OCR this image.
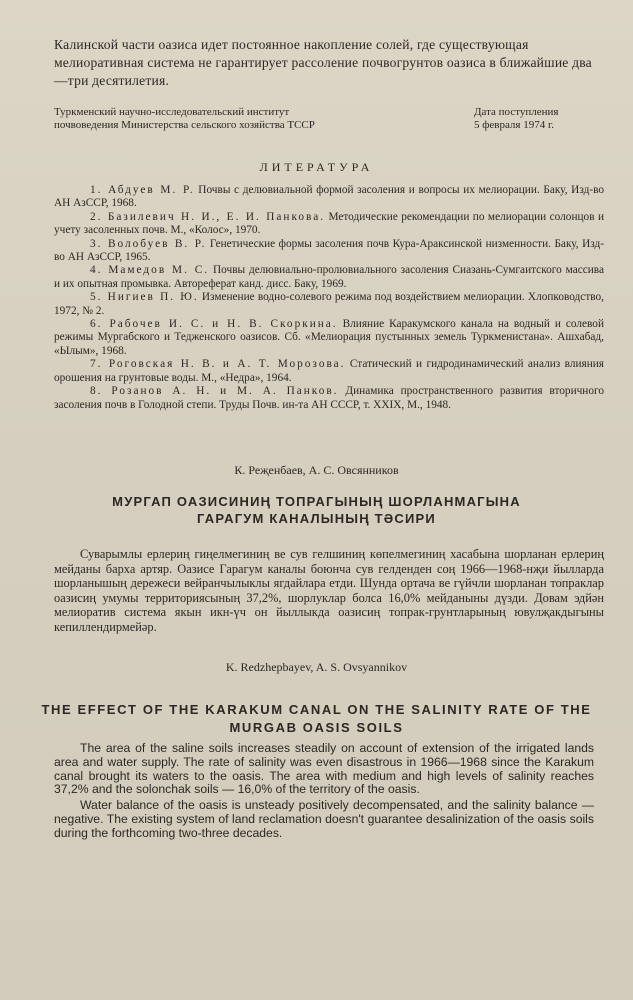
Калинской части оазиса идет постоянное накопление солей, где существующая мелиоративная система не гарантирует рассоление почвогрунтов оазиса в ближайшие два—три десятилетия.
Туркменский научно-исследовательский институт
почвоведения Министерства сельского хозяйства ТССР
Дата поступления
5 февраля 1974 г.
ЛИТЕРАТУРА

1. Абдуев М. Р. Почвы с делювиальной формой засоления и вопросы их мелиорации. Баку, Изд-во АН АзССР, 1968.

2. Базилевич Н. И., Е. И. Панкова. Методические рекомендации по мелиорации солонцов и учету засоленных почв. М., «Колос», 1970.

3. Волобуев В. Р. Генетические формы засоления почв Кура-Араксинской низменности. Баку, Изд-во АН АзССР, 1965.

4. Мамедов М. С. Почвы делювиально-пролювиального засоления Сиазань-Сумгаитского массива и их опытная промывка. Автореферат канд. дисс. Баку, 1969.

5. Нигиев П. Ю. Изменение водно-солевого режима под воздействием мелиорации. Хлопководство, 1972, № 2.

6. Рабочев И. С. и Н. В. Скоркина. Влияние Каракумского канала на водный и солевой режимы Мургабского и Тедженского оазисов. Сб. «Мелиорация пустынных земель Туркменистана». Ашхабад, «Ылым», 1968.

7. Роговская Н. В. и А. Т. Морозова. Статический и гидродинамический анализ влияния орошения на грунтовые воды. М., «Недра», 1964.

8. Розанов А. Н. и М. А. Панков. Динамика пространственного развития вторичного засоления почв в Голодной степи. Труды Почв. ин-та АН СССР, т. XXIX, М., 1948.

К. Реҗенбаев, А. С. Овсянников
МУРГАП ОАЗИСИНИҢ ТОПРАГЫНЫҢ ШОРЛАНМАГЫНА
ГАРАГУМ КАНАЛЫНЫҢ ТӘСИРИ

Суварымлы ерлериң гиңелмегиниң ве сув гелшиниң көпелмегиниң хасабына шорланан ерлериң мейданы барха артяр. Оазисе Гарагум каналы боюнча сув гелденден соң 1966—1968-нҗи йылларда шорланышың дережеси вейранчылыклы ягдайлара етди. Шунда ортача ве гүйчли шорланан топраклар оазисиң умумы территориясының 37,2%, шорлуклар болса 16,0% мейданыны дүзди. Довам эдйән мелиоратив система якын икн-үч он йыллыкда оазисиң топрак-грунтларының ювулҗакдыгыны кепиллендирмейәр.

K. Redzhepbayev, A. S. Ovsyannikov
THE EFFECT OF THE KARAKUM CANAL ON THE SALINITY RATE OF THE
MURGAB OASIS SOILS

The area of the saline soils increases steadily on account of extension of the irrigated lands area and water supply. The rate of salinity was even disastrous in 1966—1968 since the Karakum canal brought its waters to the oasis. The area with medium and high levels of salinity reaches 37,2% and the solonchak soils — 16,0% of the territory of the oasis.

Water balance of the oasis is unsteady positively decompensated, and the salinity balance — negative. The existing system of land reclamation doesn't guarantee desalinization of the oasis soils during the forthcoming two-three decades.
